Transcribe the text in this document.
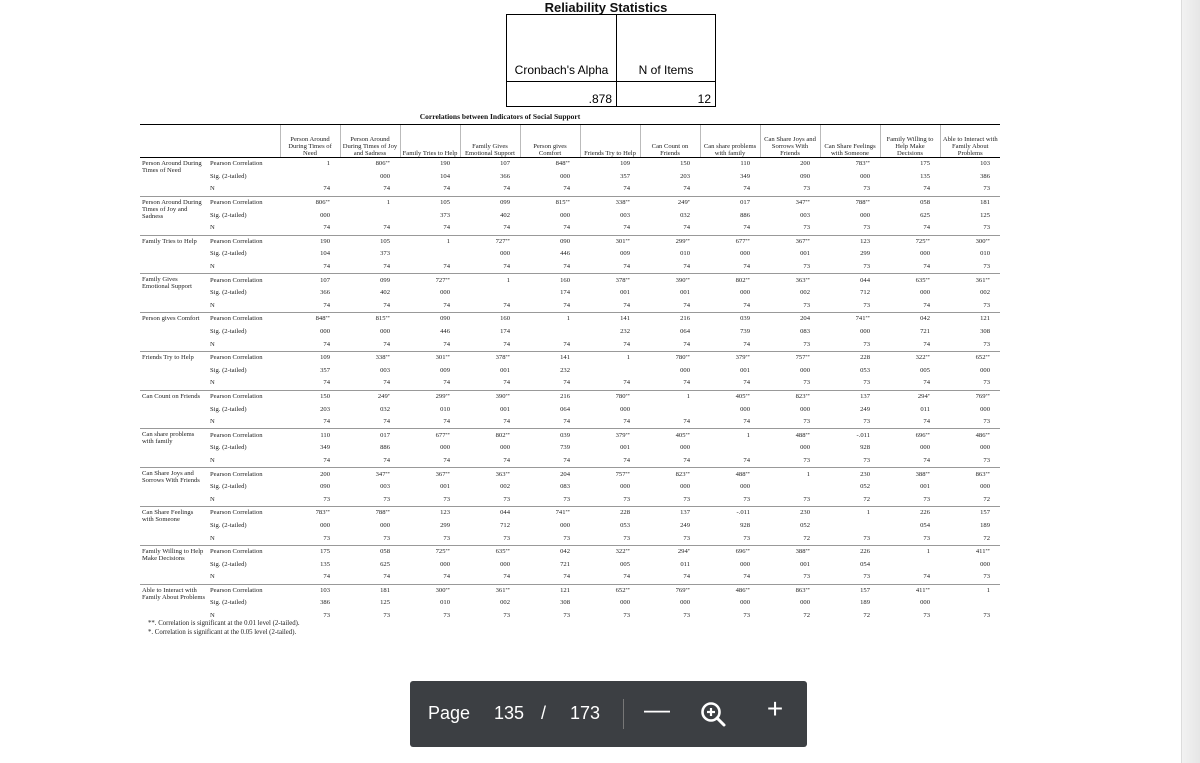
Reliability Statistics
Cronbach's Alpha	N of Items
.878	12
Correlations between Indicators of Social Support
		Person Around During Times of Need	Person Around During Times of Joy and Sadness	Family Tries to Help	Family Gives Emotional Support	Person gives Comfort	Friends Try to Help	Can Count on Friends	Can share problems with family	Can Share Joys and Sorrows With Friends	Can Share Feelings with Someone	Family Willing to Help Make Decisions	Able to Interact with Family About Problems
Person Around During Times of Need	Pearson Correlation	1	806**	190	107	848**	109	150	110	200	783**	175	103
	Sig. (2-tailed)		000	104	366	000	357	203	349	090	000	135	386
	N	74	74	74	74	74	74	74	74	73	73	74	73
Person Around During Times of Joy and Sadness	Pearson Correlation	806**	1	105	099	815**	338**	249*	017	347**	788**	058	181
	Sig. (2-tailed)	000		373	402	000	003	032	886	003	000	625	125
	N	74	74	74	74	74	74	74	74	73	73	74	73
Family Tries to Help	Pearson Correlation	190	105	1	727**	090	301**	299**	677**	367**	123	725**	300**
	Sig. (2-tailed)	104	373		000	446	009	010	000	001	299	000	010
	N	74	74	74	74	74	74	74	74	73	73	74	73
Family Gives Emotional Support	Pearson Correlation	107	099	727**	1	160	378**	390**	802**	363**	044	635**	361**
	Sig. (2-tailed)	366	402	000		174	001	001	000	002	712	000	002
	N	74	74	74	74	74	74	74	74	73	73	74	73
Person gives Comfort	Pearson Correlation	848**	815**	090	160	1	141	216	039	204	741**	042	121
	Sig. (2-tailed)	000	000	446	174		232	064	739	083	000	721	308
	N	74	74	74	74	74	74	74	74	73	73	74	73
Friends Try to Help	Pearson Correlation	109	338**	301**	378**	141	1	780**	379**	757**	228	322**	652**
	Sig. (2-tailed)	357	003	009	001	232		000	001	000	053	005	000
	N	74	74	74	74	74	74	74	74	73	73	74	73
Can Count on Friends	Pearson Correlation	150	249*	299**	390**	216	780**	1	405**	823**	137	294*	769**
	Sig. (2-tailed)	203	032	010	001	064	000		000	000	249	011	000
	N	74	74	74	74	74	74	74	74	73	73	74	73
Can share problems with family	Pearson Correlation	110	017	677**	802**	039	379**	405**	1	488**	-.011	696**	486**
	Sig. (2-tailed)	349	886	000	000	739	001	000		000	928	000	000
	N	74	74	74	74	74	74	74	74	73	73	74	73
Can Share Joys and Sorrows With Friends	Pearson Correlation	200	347**	367**	363**	204	757**	823**	488**	1	230	388**	863**
	Sig. (2-tailed)	090	003	001	002	083	000	000	000		052	001	000
	N	73	73	73	73	73	73	73	73	73	72	73	72
Can Share Feelings with Someone	Pearson Correlation	783**	788**	123	044	741**	228	137	-.011	230	1	226	157
	Sig. (2-tailed)	000	000	299	712	000	053	249	928	052		054	189
	N	73	73	73	73	73	73	73	73	72	73	73	72
Family Willing to Help Make Decisions	Pearson Correlation	175	058	725**	635**	042	322**	294*	696**	388**	226	1	411**
	Sig. (2-tailed)	135	625	000	000	721	005	011	000	001	054		000
	N	74	74	74	74	74	74	74	74	73	73	74	73
Able to Interact with Family About Problems	Pearson Correlation	103	181	300**	361**	121	652**	769**	486**	863**	157	411**	1
	Sig. (2-tailed)	386	125	010	002	308	000	000	000	000	189	000	
	N	73	73	73	73	73	73	73	73	72	72	73	73
**. Correlation is significant at the 0.01 level (2-tailed).
*. Correlation is significant at the 0.05 level (2-tailed).
Page 135 / 173 —	+
